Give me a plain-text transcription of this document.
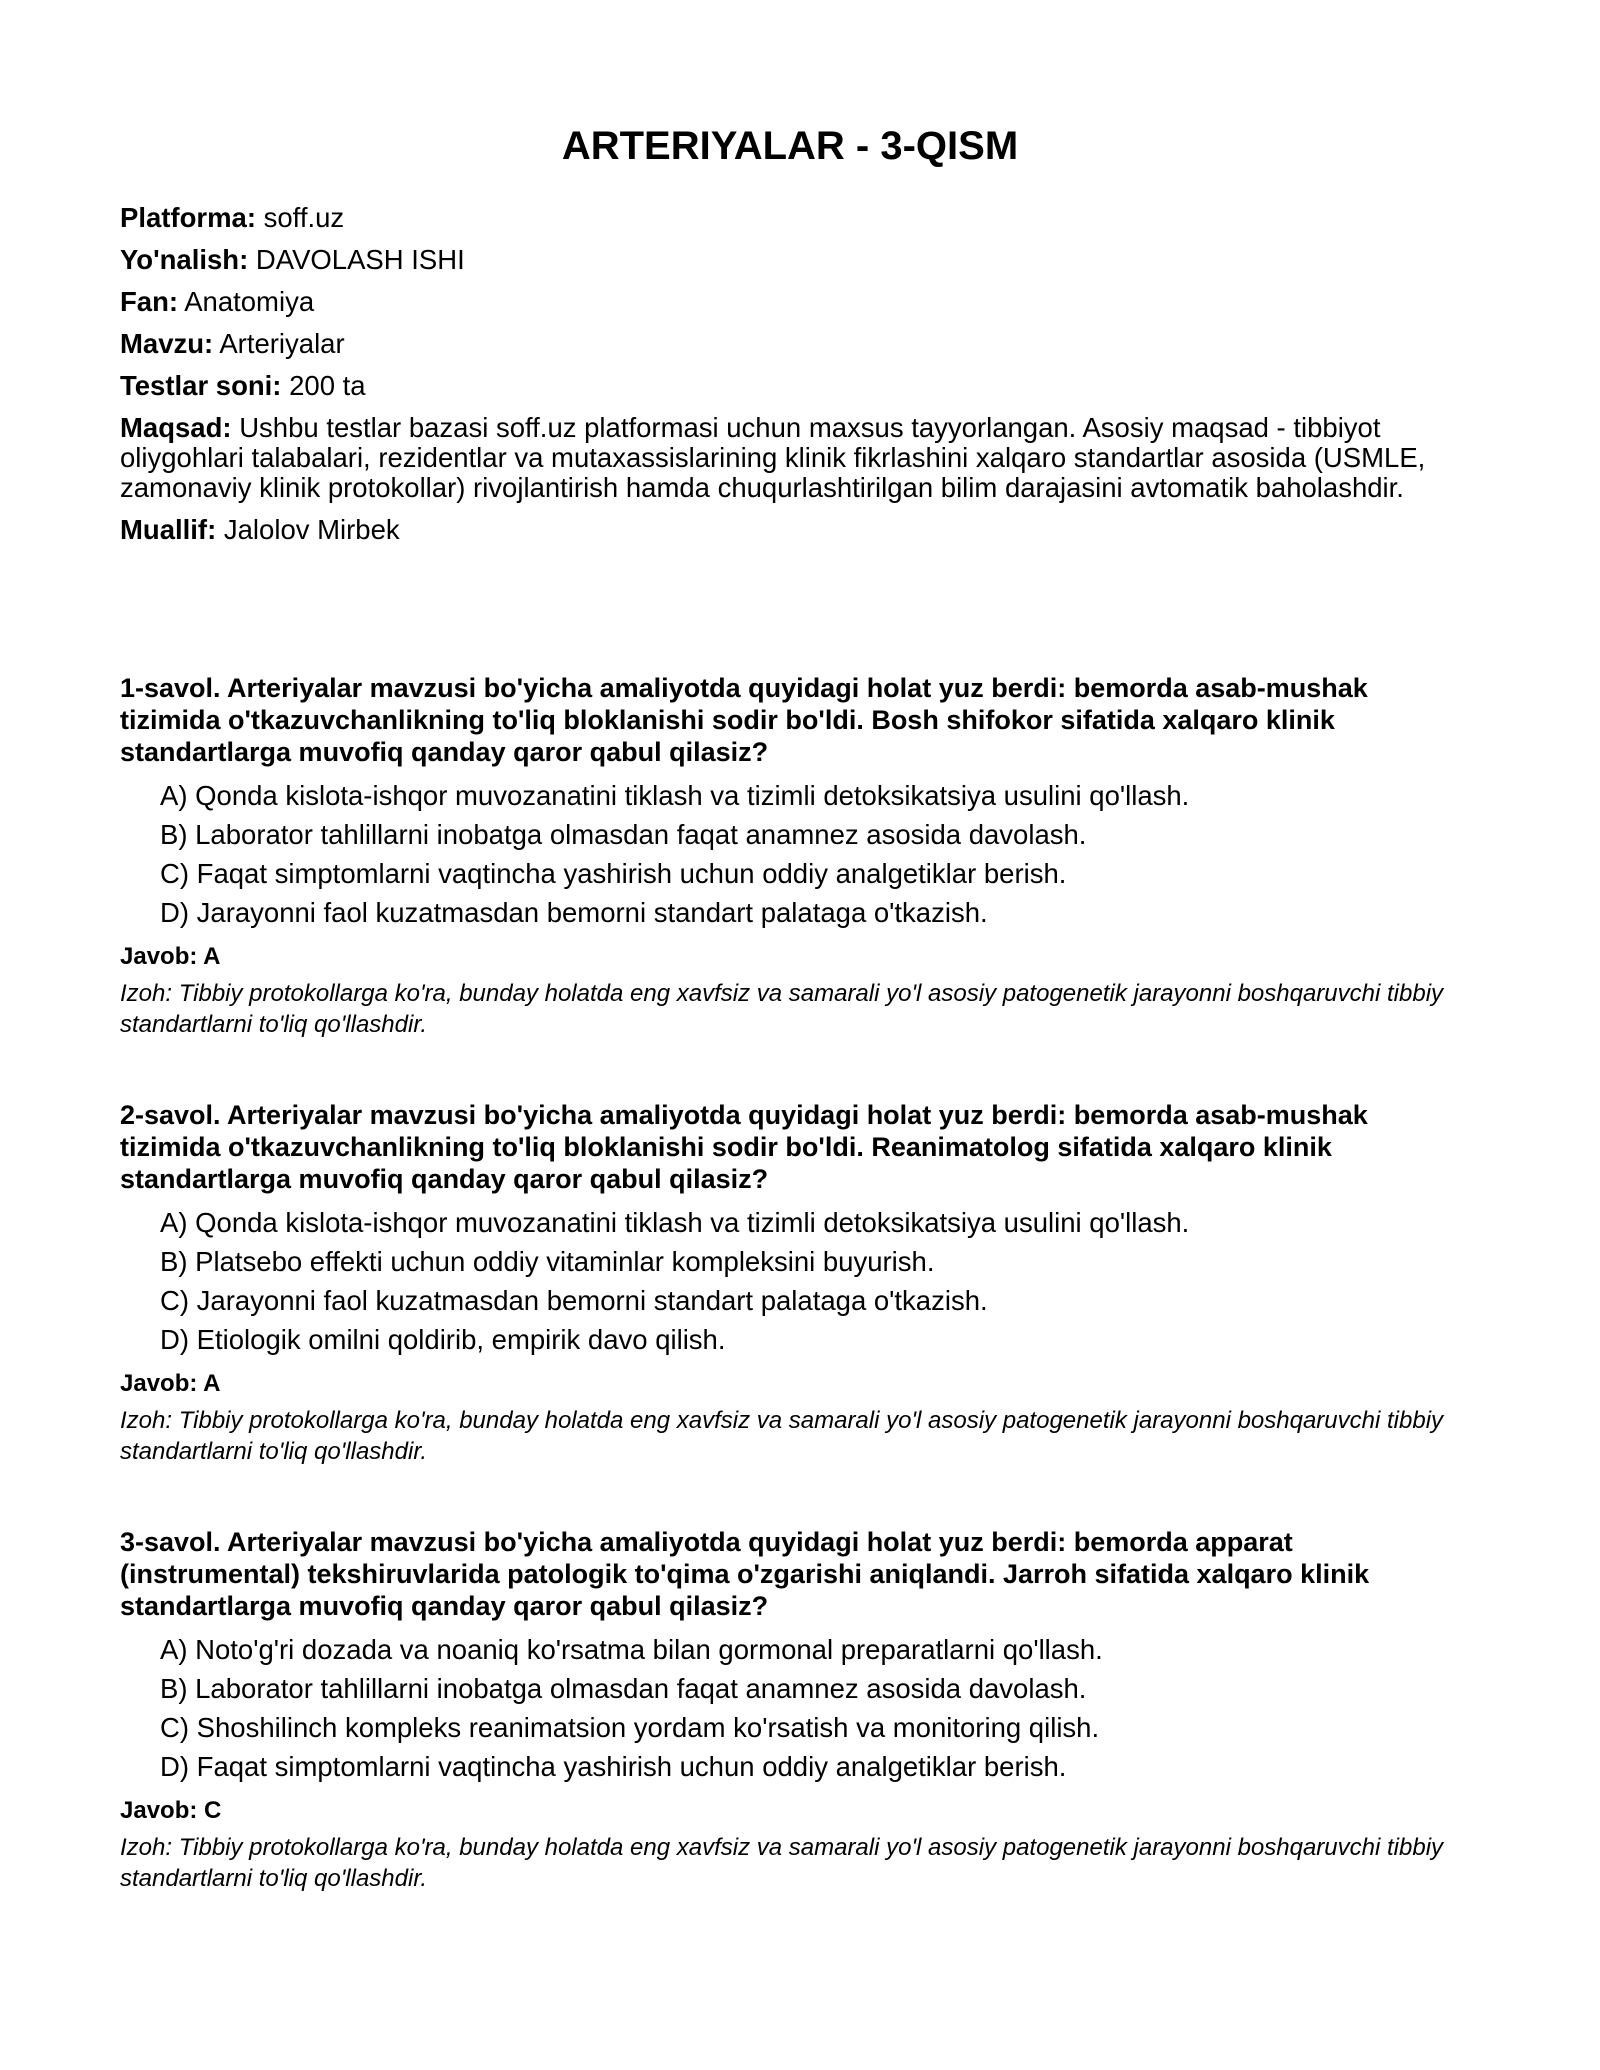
ARTERIYALAR - 3-QISM

Platforma: soff.uz

Yo'nalish: DAVOLASH ISHI

Fan: Anatomiya

Mavzu: Arteriyalar

Testlar soni: 200 ta

Maqsad: Ushbu testlar bazasi soff.uz platformasi uchun maxsus tayyorlangan. Asosiy maqsad - tibbiyot oliygohlari talabalari, rezidentlar va mutaxassislarining klinik fikrlashini xalqaro standartlar asosida (USMLE, zamonaviy klinik protokollar) rivojlantirish hamda chuqurlashtirilgan bilim darajasini avtomatik baholashdir.

Muallif: Jalolov Mirbek

1-savol. Arteriyalar mavzusi bo'yicha amaliyotda quyidagi holat yuz berdi: bemorda asab-mushak tizimida o'tkazuvchanlikning to'liq bloklanishi sodir bo'ldi. Bosh shifokor sifatida xalqaro klinik standartlarga muvofiq qanday qaror qabul qilasiz?

A) Qonda kislota-ishqor muvozanatini tiklash va tizimli detoksikatsiya usulini qo'llash.

B) Laborator tahlillarni inobatga olmasdan faqat anamnez asosida davolash.

C) Faqat simptomlarni vaqtincha yashirish uchun oddiy analgetiklar berish.

D) Jarayonni faol kuzatmasdan bemorni standart palataga o'tkazish.

Javob: A

Izoh: Tibbiy protokollarga ko'ra, bunday holatda eng xavfsiz va samarali yo'l asosiy patogenetik jarayonni boshqaruvchi tibbiy standartlarni to'liq qo'llashdir.

2-savol. Arteriyalar mavzusi bo'yicha amaliyotda quyidagi holat yuz berdi: bemorda asab-mushak tizimida o'tkazuvchanlikning to'liq bloklanishi sodir bo'ldi. Reanimatolog sifatida xalqaro klinik standartlarga muvofiq qanday qaror qabul qilasiz?

A) Qonda kislota-ishqor muvozanatini tiklash va tizimli detoksikatsiya usulini qo'llash.

B) Platsebo effekti uchun oddiy vitaminlar kompleksini buyurish.

C) Jarayonni faol kuzatmasdan bemorni standart palataga o'tkazish.

D) Etiologik omilni qoldirib, empirik davo qilish.

Javob: A

Izoh: Tibbiy protokollarga ko'ra, bunday holatda eng xavfsiz va samarali yo'l asosiy patogenetik jarayonni boshqaruvchi tibbiy standartlarni to'liq qo'llashdir.

3-savol. Arteriyalar mavzusi bo'yicha amaliyotda quyidagi holat yuz berdi: bemorda apparat (instrumental) tekshiruvlarida patologik to'qima o'zgarishi aniqlandi. Jarroh sifatida xalqaro klinik standartlarga muvofiq qanday qaror qabul qilasiz?

A) Noto'g'ri dozada va noaniq ko'rsatma bilan gormonal preparatlarni qo'llash.

B) Laborator tahlillarni inobatga olmasdan faqat anamnez asosida davolash.

C) Shoshilinch kompleks reanimatsion yordam ko'rsatish va monitoring qilish.

D) Faqat simptomlarni vaqtincha yashirish uchun oddiy analgetiklar berish.

Javob: C

Izoh: Tibbiy protokollarga ko'ra, bunday holatda eng xavfsiz va samarali yo'l asosiy patogenetik jarayonni boshqaruvchi tibbiy standartlarni to'liq qo'llashdir.
